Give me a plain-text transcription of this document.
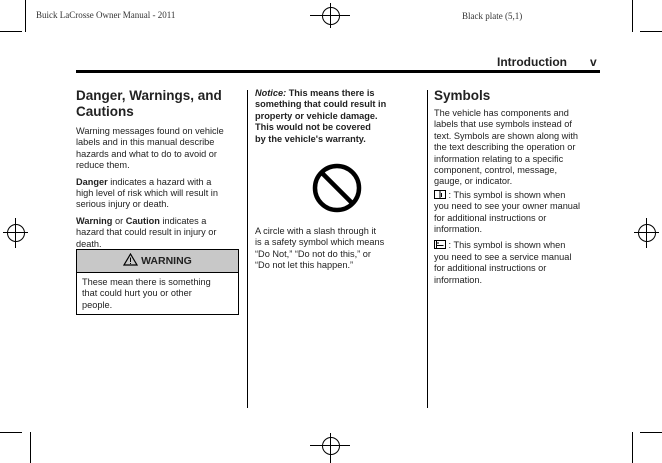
Buick LaCrosse Owner Manual - 2011	Black plate (5,1)
Introduction v
Danger, Warnings, and
Cautions
Warning messages found on vehicle
labels and in this manual describe
hazards and what to do to avoid or
reduce them.
Danger indicates a hazard with a
high level of risk which will result in
serious injury or death.
Warning or Caution indicates a
hazard that could result in injury or
death.
WARNING
These mean there is something
that could hurt you or other
people.
Notice: This means there is
something that could result in
property or vehicle damage.
This would not be covered
by the vehicle's warranty.
A circle with a slash through it
is a safety symbol which means
“Do Not,” “Do not do this,” or
“Do not let this happen.”
Symbols
The vehicle has components and
labels that use symbols instead of
text. Symbols are shown along with
the text describing the operation or
information relating to a specific
component, control, message,
gauge, or indicator.
: This symbol is shown when
you need to see your owner manual
for additional instructions or
information.
: This symbol is shown when
you need to see a service manual
for additional instructions or
information.
